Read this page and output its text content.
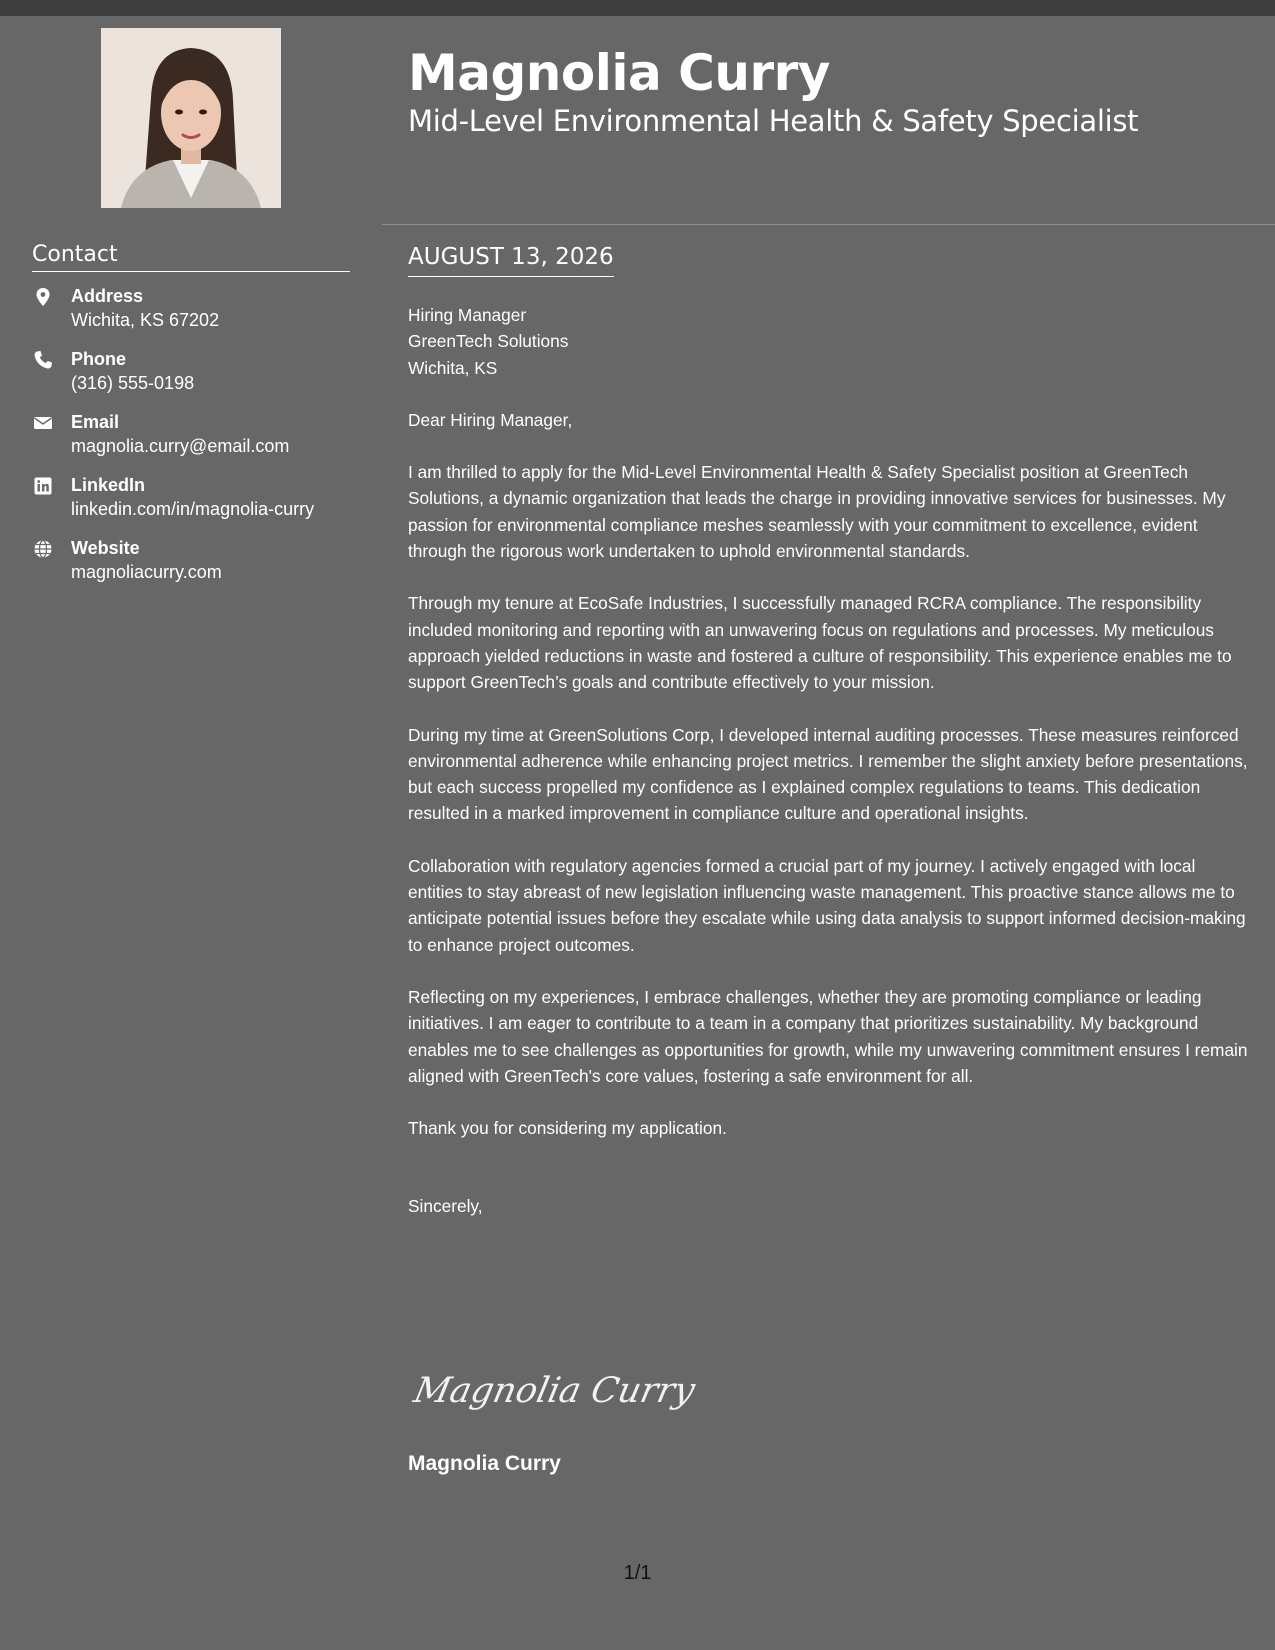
Contact
Address
Wichita, KS 67202
Phone
(316) 555-0198
Email
magnolia.curry@email.com
LinkedIn
linkedin.com/in/magnolia-curry
Website
magnoliacurry.com
Magnolia Curry
Mid-Level Environmental Health & Safety Specialist
AUGUST 13, 2026

Hiring Manager

GreenTech Solutions

Wichita, KS

Dear Hiring Manager,

I am thrilled to apply for the Mid-Level Environmental Health & Safety Specialist position at GreenTech Solutions, a dynamic organization that leads the charge in providing innovative services for businesses. My passion for environmental compliance meshes seamlessly with your commitment to excellence, evident through the rigorous work undertaken to uphold environmental standards.

Through my tenure at EcoSafe Industries, I successfully managed RCRA compliance. The responsibility included monitoring and reporting with an unwavering focus on regulations and processes. My meticulous approach yielded reductions in waste and fostered a culture of responsibility. This experience enables me to support GreenTech’s goals and contribute effectively to your mission.

During my time at GreenSolutions Corp, I developed internal auditing processes. These measures reinforced environmental adherence while enhancing project metrics. I remember the slight anxiety before presentations, but each success propelled my confidence as I explained complex regulations to teams. This dedication resulted in a marked improvement in compliance culture and operational insights.

Collaboration with regulatory agencies formed a crucial part of my journey. I actively engaged with local entities to stay abreast of new legislation influencing waste management. This proactive stance allows me to anticipate potential issues before they escalate while using data analysis to support informed decision-making to enhance project outcomes.

Reflecting on my experiences, I embrace challenges, whether they are promoting compliance or leading initiatives. I am eager to contribute to a team in a company that prioritizes sustainability. My background enables me to see challenges as opportunities for growth, while my unwavering commitment ensures I remain aligned with GreenTech's core values, fostering a safe environment for all.

Thank you for considering my application.

Sincerely,

Magnolia Curry
Magnolia Curry
1/1
